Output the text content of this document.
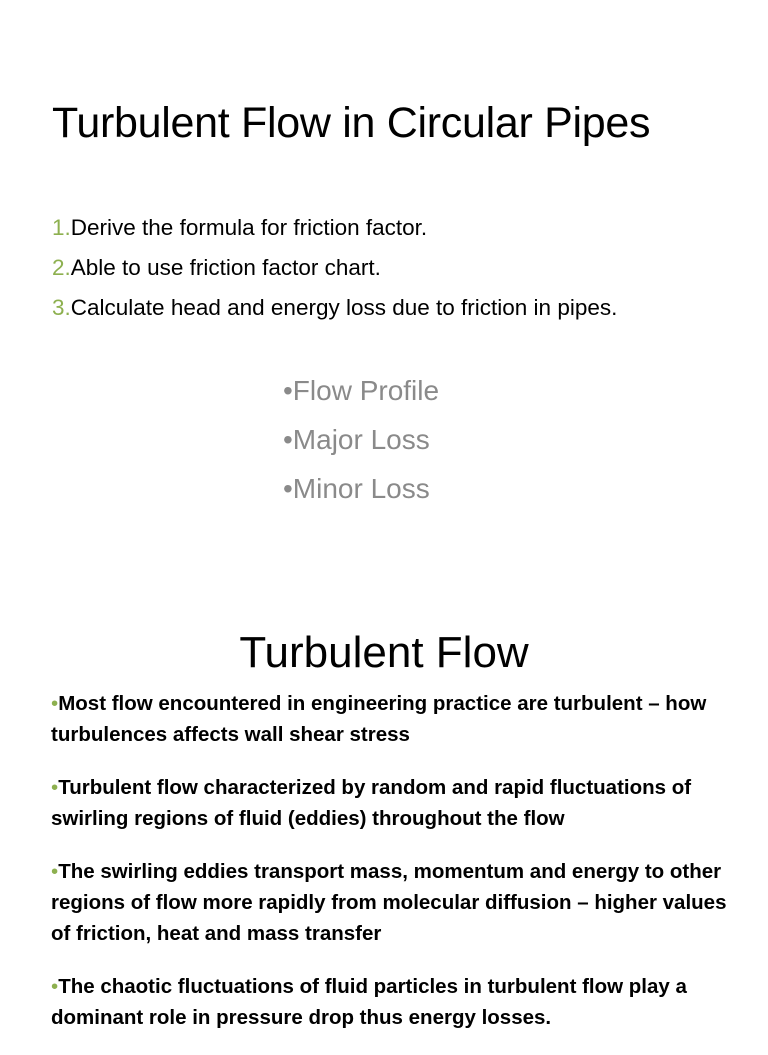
Turbulent Flow in Circular Pipes
1.Derive the formula for friction factor.
2.Able to use friction factor chart.
3.Calculate head and energy loss due to friction in pipes.
•Flow Profile
•Major Loss
•Minor Loss
Turbulent Flow
•Most flow encountered in engineering practice are turbulent – how turbulences affects wall shear stress
•Turbulent flow characterized by random and rapid fluctuations of swirling regions of fluid (eddies) throughout the flow
•The swirling eddies transport mass, momentum and energy to other regions of flow more rapidly from molecular diffusion – higher values of friction, heat and mass transfer
•The chaotic fluctuations of fluid particles in turbulent flow play a dominant role in pressure drop thus energy losses.
